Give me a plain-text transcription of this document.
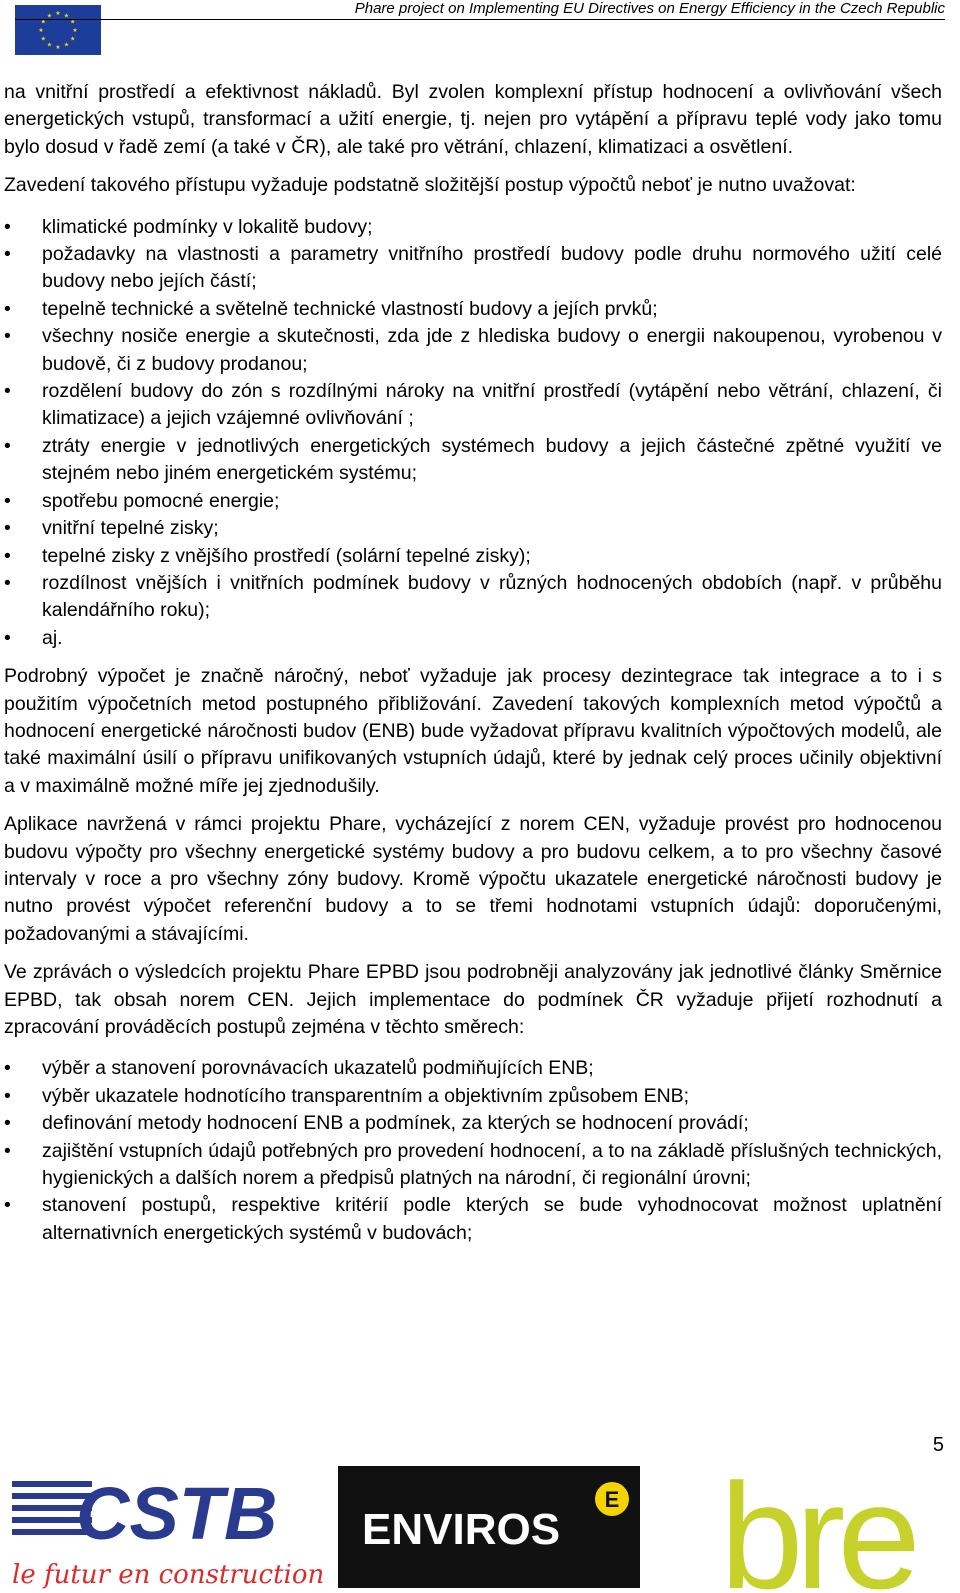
★ ★
★
★
★
★
★
★
★
★
★
★	Phare project on Implementing EU Directives on Energy Efficiency in the Czech Republic

na vnitřní prostředí a efektivnost nákladů. Byl zvolen komplexní přístup hodnocení a ovlivňování všech energetických vstupů, transformací a užití energie, tj. nejen pro vytápění a přípravu teplé vody jako tomu bylo dosud v řadě zemí (a také v ČR), ale také pro větrání, chlazení, klimatizaci a osvětlení.

Zavedení takového přístupu vyžaduje podstatně složitější postup výpočtů neboť je nutno uvažovat:

• klimatické podmínky v lokalitě budovy;
• požadavky na vlastnosti a parametry vnitřního prostředí budovy podle druhu normového užití celé budovy nebo jejích částí;
• tepelně technické a světelně technické vlastností budovy a jejích prvků;
• všechny nosiče energie a skutečnosti, zda jde z hlediska budovy o energii nakoupenou, vyrobenou v budově, či z budovy prodanou;
• rozdělení budovy do zón s rozdílnými nároky na vnitřní prostředí (vytápění nebo větrání, chlazení, či klimatizace) a jejich vzájemné ovlivňování ;
• ztráty energie v jednotlivých energetických systémech budovy a jejich částečné zpětné využití ve stejném nebo jiném energetickém systému;
• spotřebu pomocné energie;
• vnitřní tepelné zisky;
• tepelné zisky z vnějšího prostředí (solární tepelné zisky);
• rozdílnost vnějších i vnitřních podmínek budovy v různých hodnocených obdobích (např. v průběhu kalendářního roku);
• aj.

Podrobný výpočet je značně náročný, neboť vyžaduje jak procesy dezintegrace tak integrace a to i s použitím výpočetních metod postupného přibližování. Zavedení takových komplexních metod výpočtů a hodnocení energetické náročnosti budov (ENB) bude vyžadovat přípravu kvalitních výpočtových modelů, ale také maximální úsilí o přípravu unifikovaných vstupních údajů, které by jednak celý proces učinily objektivní a v maximálně možné míře jej zjednodušily.

Aplikace navržená v rámci projektu Phare, vycházející z norem CEN, vyžaduje provést pro hodnocenou budovu výpočty pro všechny energetické systémy budovy a pro budovu celkem, a to pro všechny časové intervaly v roce a pro všechny zóny budovy. Kromě výpočtu ukazatele energetické náročnosti budovy je nutno provést výpočet referenční budovy a to se třemi hodnotami vstupních údajů: doporučenými, požadovanými a stávajícími.

Ve zprávách o výsledcích projektu Phare EPBD jsou podrobněji analyzovány jak jednotlivé články Směrnice EPBD, tak obsah norem CEN. Jejich implementace do podmínek ČR vyžaduje přijetí rozhodnutí a zpracování prováděcích postupů zejména v těchto směrech:

• výběr a stanovení porovnávacích ukazatelů podmiňujících ENB;
• výběr ukazatele hodnotícího transparentním a objektivním způsobem ENB;
• definování metody hodnocení ENB a podmínek, za kterých se hodnocení provádí;
• zajištění vstupních údajů potřebných pro provedení hodnocení, a to na základě příslušných technických, hygienických a dalších norem a předpisů platných na národní, či regionální úrovni;
• stanovení postupů, respektive kritérií podle kterých se bude vyhodnocovat možnost uplatnění alternativních energetických systémů v budovách;
5
CSTB
le futur en construction
ENVIROS
E bre
